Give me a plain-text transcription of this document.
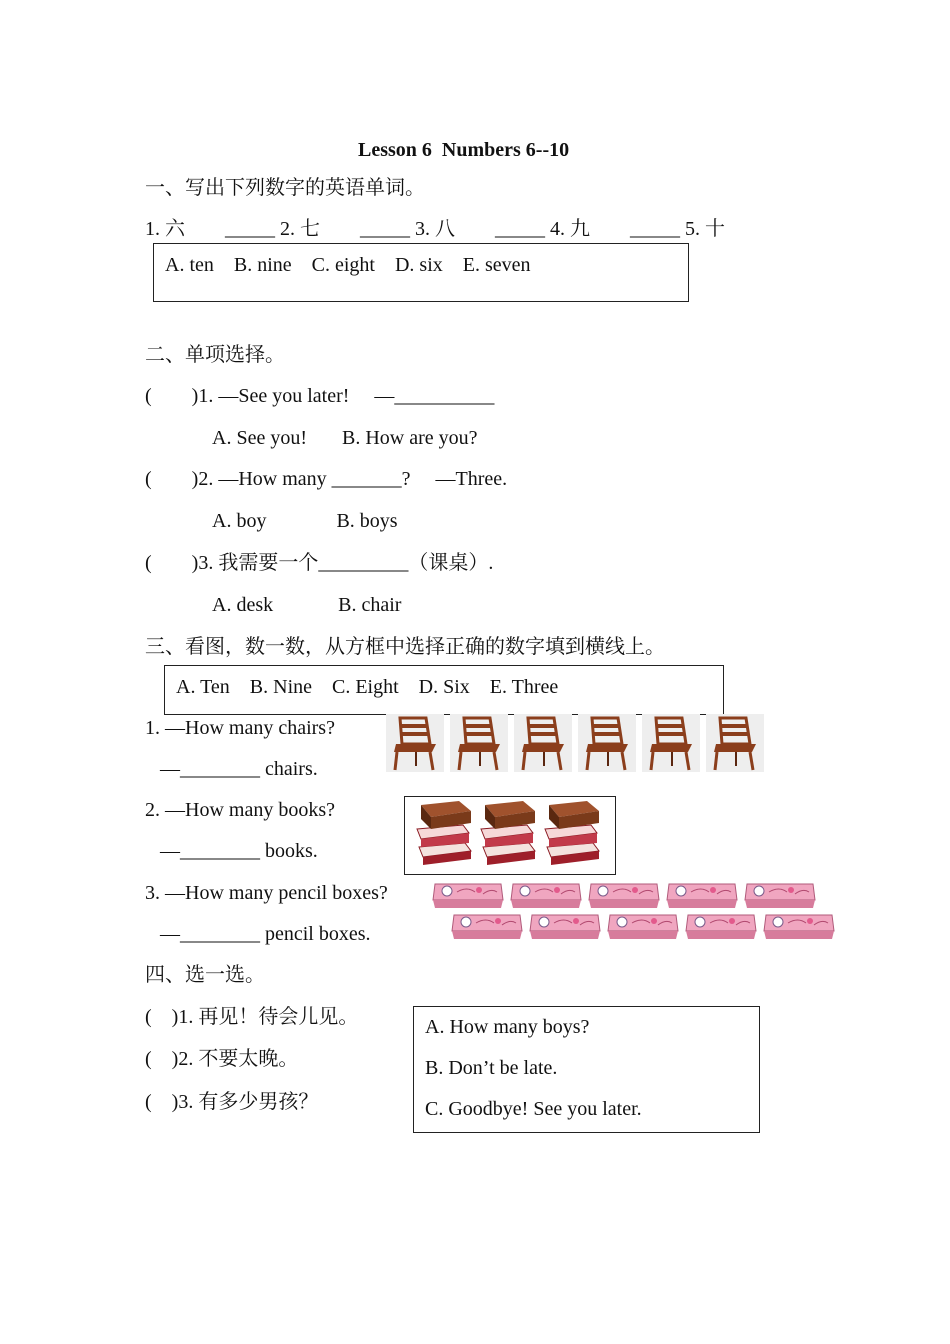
Lesson 6  Numbers 6--10
一、写出下列数字的英语单词。
1. 六        _____ 2. 七        _____ 3. 八        _____ 4. 九        _____ 5. 十
A. ten    B. nine    C. eight    D. six    E. seven
二、单项选择。
(        )1. —See you later!     —__________
A. See you!       B. How are you?
(        )2. —How many _______?     —Three.
A. boy              B. boys
(        )3. 我需要一个_________（课桌）.
A. desk             B. chair
三、看图，数一数，从方框中选择正确的数字填到横线上。
A. Ten    B. Nine    C. Eight    D. Six    E. Three
1. —How many chairs?
—________ chairs.
2. —How many books?
—________ books.
3. —How many pencil boxes?
—________ pencil boxes.
四、选一选。
(    )1. 再见！待会儿见。
(    )2. 不要太晚。
(    )3. 有多少男孩？
A. How many boys?
B. Don’t be late.
C. Goodbye! See you later.
